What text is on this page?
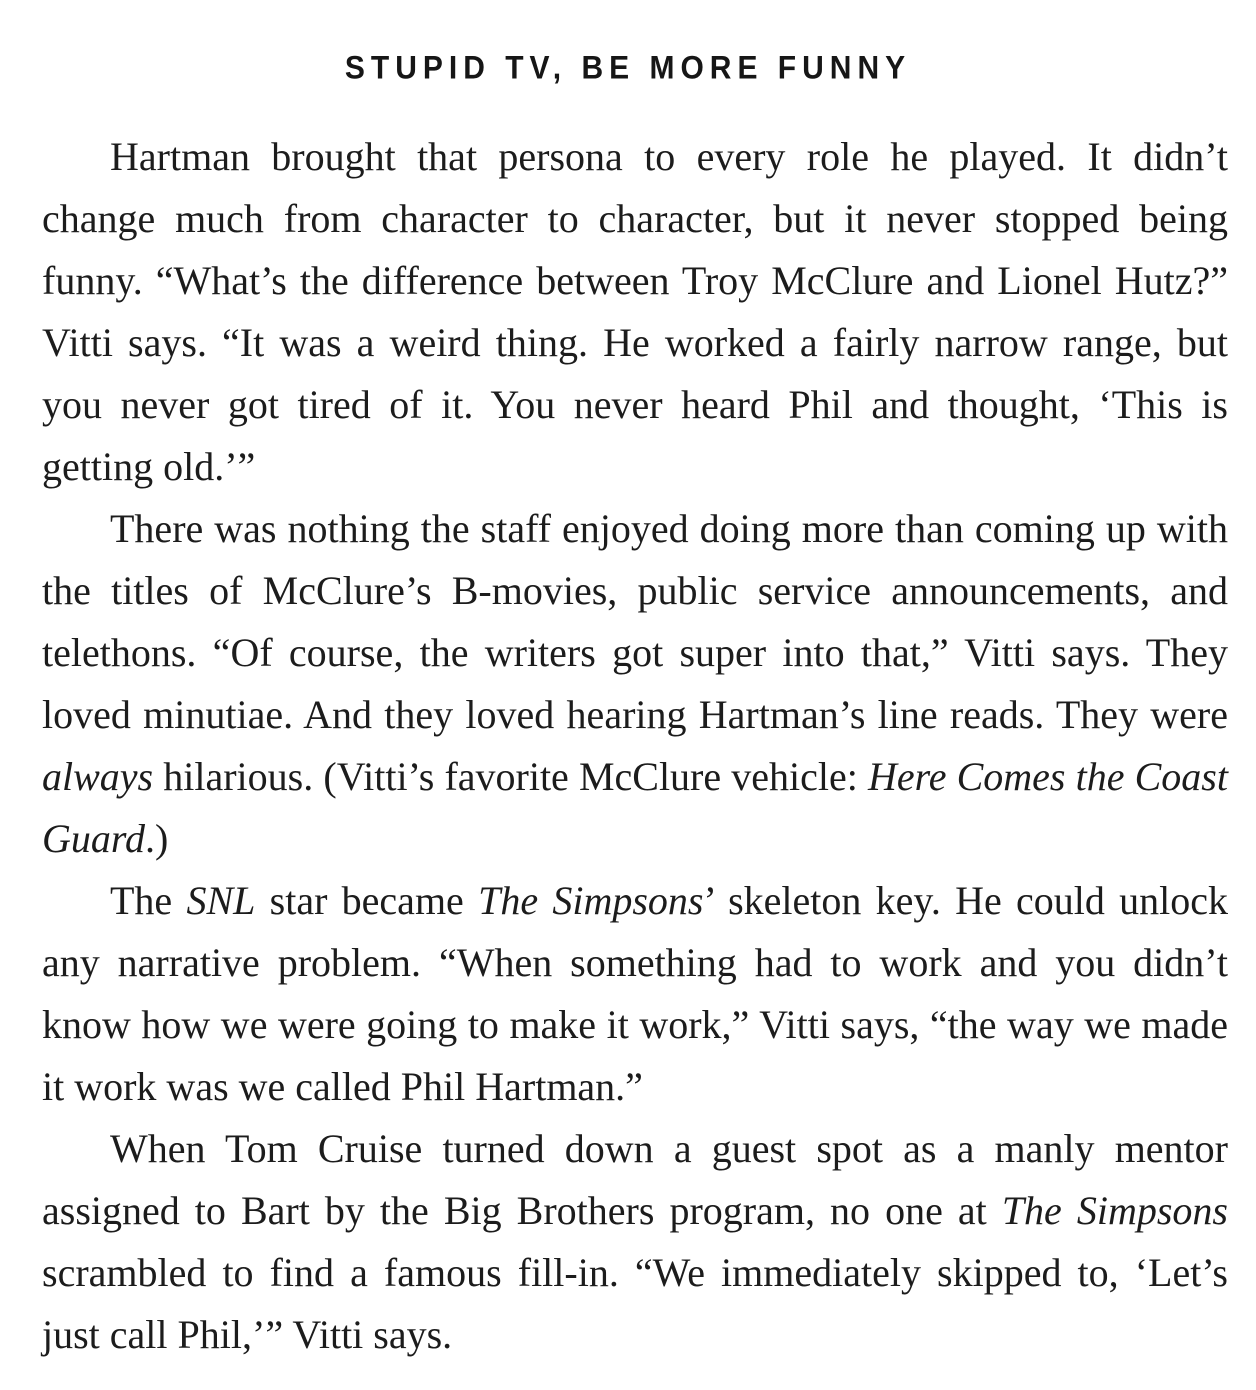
STUPID TV, BE MORE FUNNY

Hartman brought that persona to every role he played. It didn’t change much from character to character, but it never stopped being funny. “What’s the difference between Troy McClure and Lionel Hutz?” Vitti says. “It was a weird thing. He worked a fairly narrow range, but you never got tired of it. You never heard Phil and thought, ‘This is getting old.’”

There was nothing the staff enjoyed doing more than coming up with the titles of McClure’s B-movies, public service announcements, and telethons. “Of course, the writers got super into that,” Vitti says. They loved minutiae. And they loved hearing Hartman’s line reads. They were always hilarious. (Vitti’s favorite McClure vehicle: Here Comes the Coast Guard.)

The SNL star became The Simpsons’ skeleton key. He could unlock any narrative problem. “When something had to work and you didn’t know how we were going to make it work,” Vitti says, “the way we made it work was we called Phil Hartman.”

When Tom Cruise turned down a guest spot as a manly mentor assigned to Bart by the Big Brothers program, no one at The Simpsons scrambled to find a famous fill-in. “We immediately skipped to, ‘Let’s just call Phil,’” Vitti says.
